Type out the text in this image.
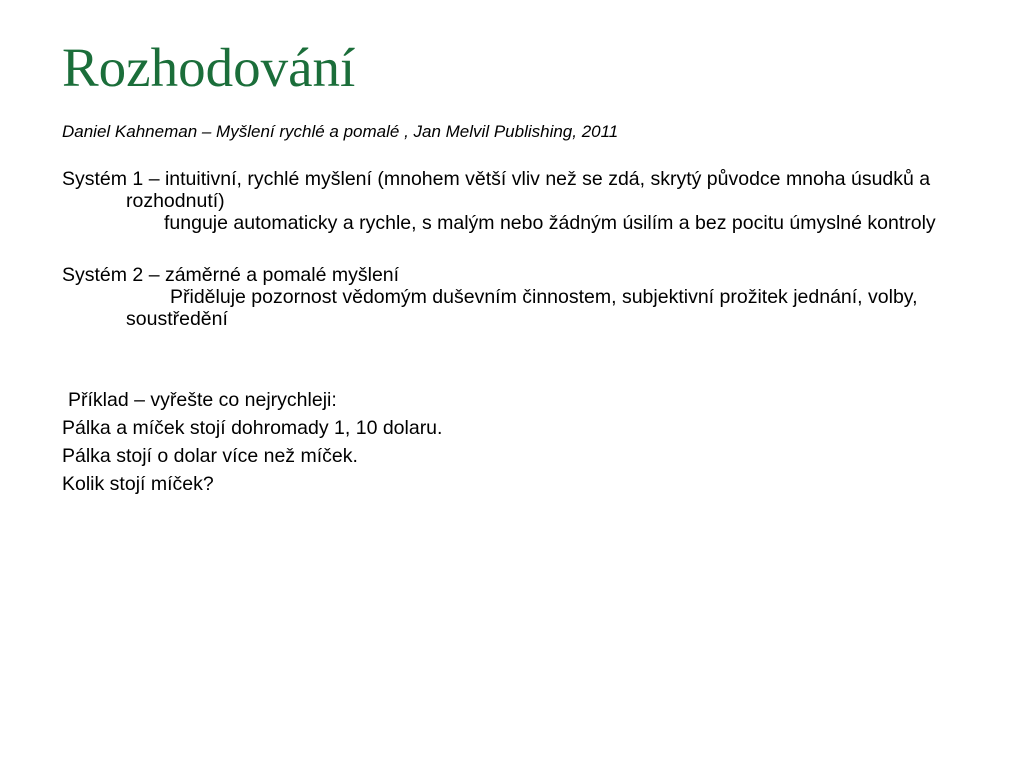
Rozhodování

Daniel Kahneman – Myšlení rychlé a pomalé , Jan Melvil Publishing, 2011

Systém 1 – intuitivní, rychlé myšlení (mnohem větší vliv než se zdá, skrytý původce mnoha úsudků a rozhodnutí)

funguje automaticky a rychle, s malým nebo žádným úsilím a bez pocitu úmyslné kontroly

Systém 2 – záměrné a pomalé myšlení

Přiděluje pozornost vědomým duševním činnostem, subjektivní prožitek jednání, volby, soustředění

Příklad – vyřešte co nejrychleji:

Pálka a míček stojí dohromady 1, 10 dolaru.

Pálka stojí o dolar více než míček.

Kolik stojí míček?
